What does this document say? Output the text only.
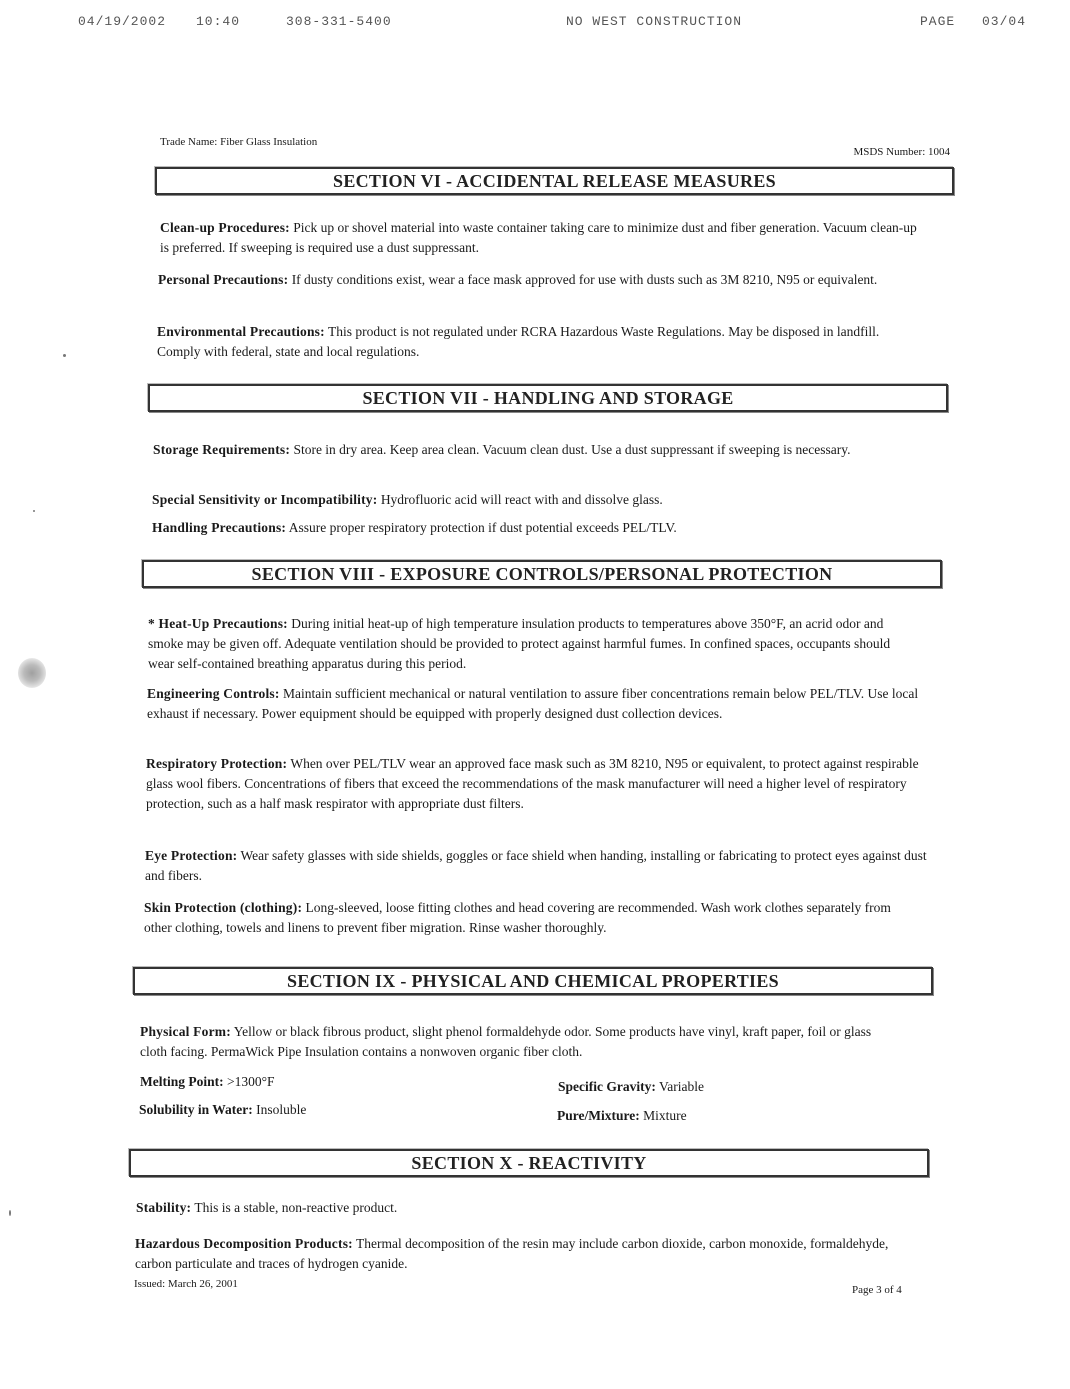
04/19/2002 10:40	308-331-5400	NO WEST CONSTRUCTION	PAGE 03/04
Trade Name: Fiber Glass Insulation
MSDS Number: 1004
SECTION VI - ACCIDENTAL RELEASE MEASURES
Clean-up Procedures: Pick up or shovel material into waste container taking care to minimize dust and fiber generation. Vacuum clean-up is preferred. If sweeping is required use a dust suppressant.
Personal Precautions: If dusty conditions exist, wear a face mask approved for use with dusts such as 3M 8210, N95 or equivalent.
Environmental Precautions: This product is not regulated under RCRA Hazardous Waste Regulations. May be disposed in landfill. Comply with federal, state and local regulations.
SECTION VII - HANDLING AND STORAGE
Storage Requirements: Store in dry area. Keep area clean. Vacuum clean dust. Use a dust suppressant if sweeping is necessary.
Special Sensitivity or Incompatibility: Hydrofluoric acid will react with and dissolve glass.
Handling Precautions: Assure proper respiratory protection if dust potential exceeds PEL/TLV.
SECTION VIII - EXPOSURE CONTROLS/PERSONAL PROTECTION
* Heat-Up Precautions: During initial heat-up of high temperature insulation products to temperatures above 350°F, an acrid odor and smoke may be given off. Adequate ventilation should be provided to protect against harmful fumes. In confined spaces, occupants should wear self-contained breathing apparatus during this period.
Engineering Controls: Maintain sufficient mechanical or natural ventilation to assure fiber concentrations remain below PEL/TLV. Use local exhaust if necessary. Power equipment should be equipped with properly designed dust collection devices.
Respiratory Protection: When over PEL/TLV wear an approved face mask such as 3M 8210, N95 or equivalent, to protect against respirable glass wool fibers. Concentrations of fibers that exceed the recommendations of the mask manufacturer will need a higher level of respiratory protection, such as a half mask respirator with appropriate dust filters.
Eye Protection: Wear safety glasses with side shields, goggles or face shield when handing, installing or fabricating to protect eyes against dust and fibers.
Skin Protection (clothing): Long-sleeved, loose fitting clothes and head covering are recommended. Wash work clothes separately from other clothing, towels and linens to prevent fiber migration. Rinse washer thoroughly.
SECTION IX - PHYSICAL AND CHEMICAL PROPERTIES
Physical Form: Yellow or black fibrous product, slight phenol formaldehyde odor. Some products have vinyl, kraft paper, foil or glass cloth facing. PermaWick Pipe Insulation contains a nonwoven organic fiber cloth.
Melting Point: >1300°F	Specific Gravity: Variable
Solubility in Water: Insoluble	Pure/Mixture: Mixture
SECTION X - REACTIVITY
Stability: This is a stable, non-reactive product.
Hazardous Decomposition Products: Thermal decomposition of the resin may include carbon dioxide, carbon monoxide, formaldehyde, carbon particulate and traces of hydrogen cyanide.
Issued: March 26, 2001	Page 3 of 4
